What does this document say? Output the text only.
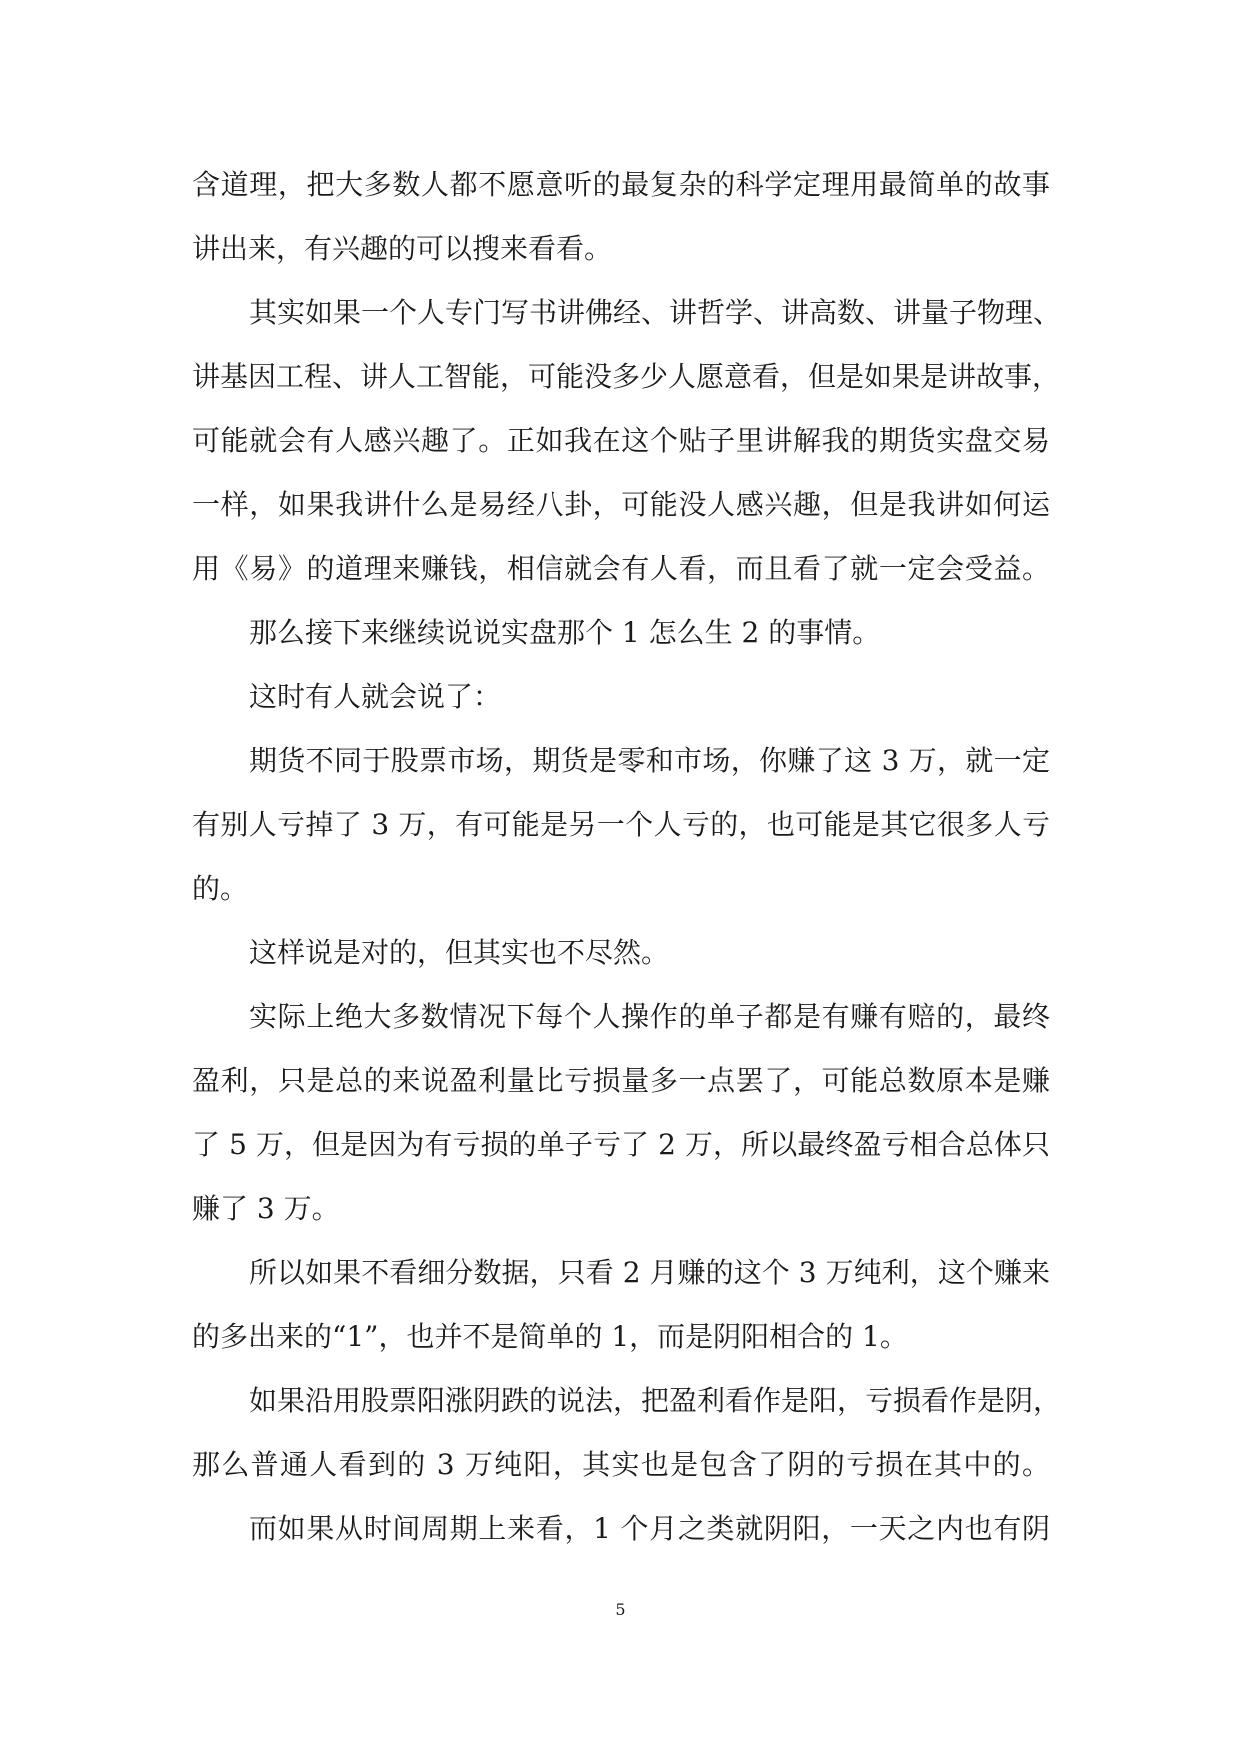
含道理，把大多数人都不愿意听的最复杂的科学定理用最简单的故事
讲出来，有兴趣的可以搜来看看。
其实如果一个人专门写书讲佛经、讲哲学、讲高数、讲量子物理、
讲基因工程、讲人工智能，可能没多少人愿意看，但是如果是讲故事，
可能就会有人感兴趣了。正如我在这个贴子里讲解我的期货实盘交易
一样，如果我讲什么是易经八卦，可能没人感兴趣，但是我讲如何运
用《易》的道理来赚钱，相信就会有人看，而且看了就一定会受益。
那么接下来继续说说实盘那个 1 怎么生 2 的事情。
这时有人就会说了：
期货不同于股票市场，期货是零和市场，你赚了这 3 万，就一定
有别人亏掉了 3 万，有可能是另一个人亏的，也可能是其它很多人亏
的。
这样说是对的，但其实也不尽然。
实际上绝大多数情况下每个人操作的单子都是有赚有赔的，最终
盈利，只是总的来说盈利量比亏损量多一点罢了，可能总数原本是赚
了 5 万，但是因为有亏损的单子亏了 2 万，所以最终盈亏相合总体只
赚了 3 万。
所以如果不看细分数据，只看 2 月赚的这个 3 万纯利，这个赚来
的多出来的“1”，也并不是简单的 1，而是阴阳相合的 1。
如果沿用股票阳涨阴跌的说法，把盈利看作是阳，亏损看作是阴，
那么普通人看到的 3 万纯阳，其实也是包含了阴的亏损在其中的。
而如果从时间周期上来看，1 个月之类就阴阳，一天之内也有阴
5
